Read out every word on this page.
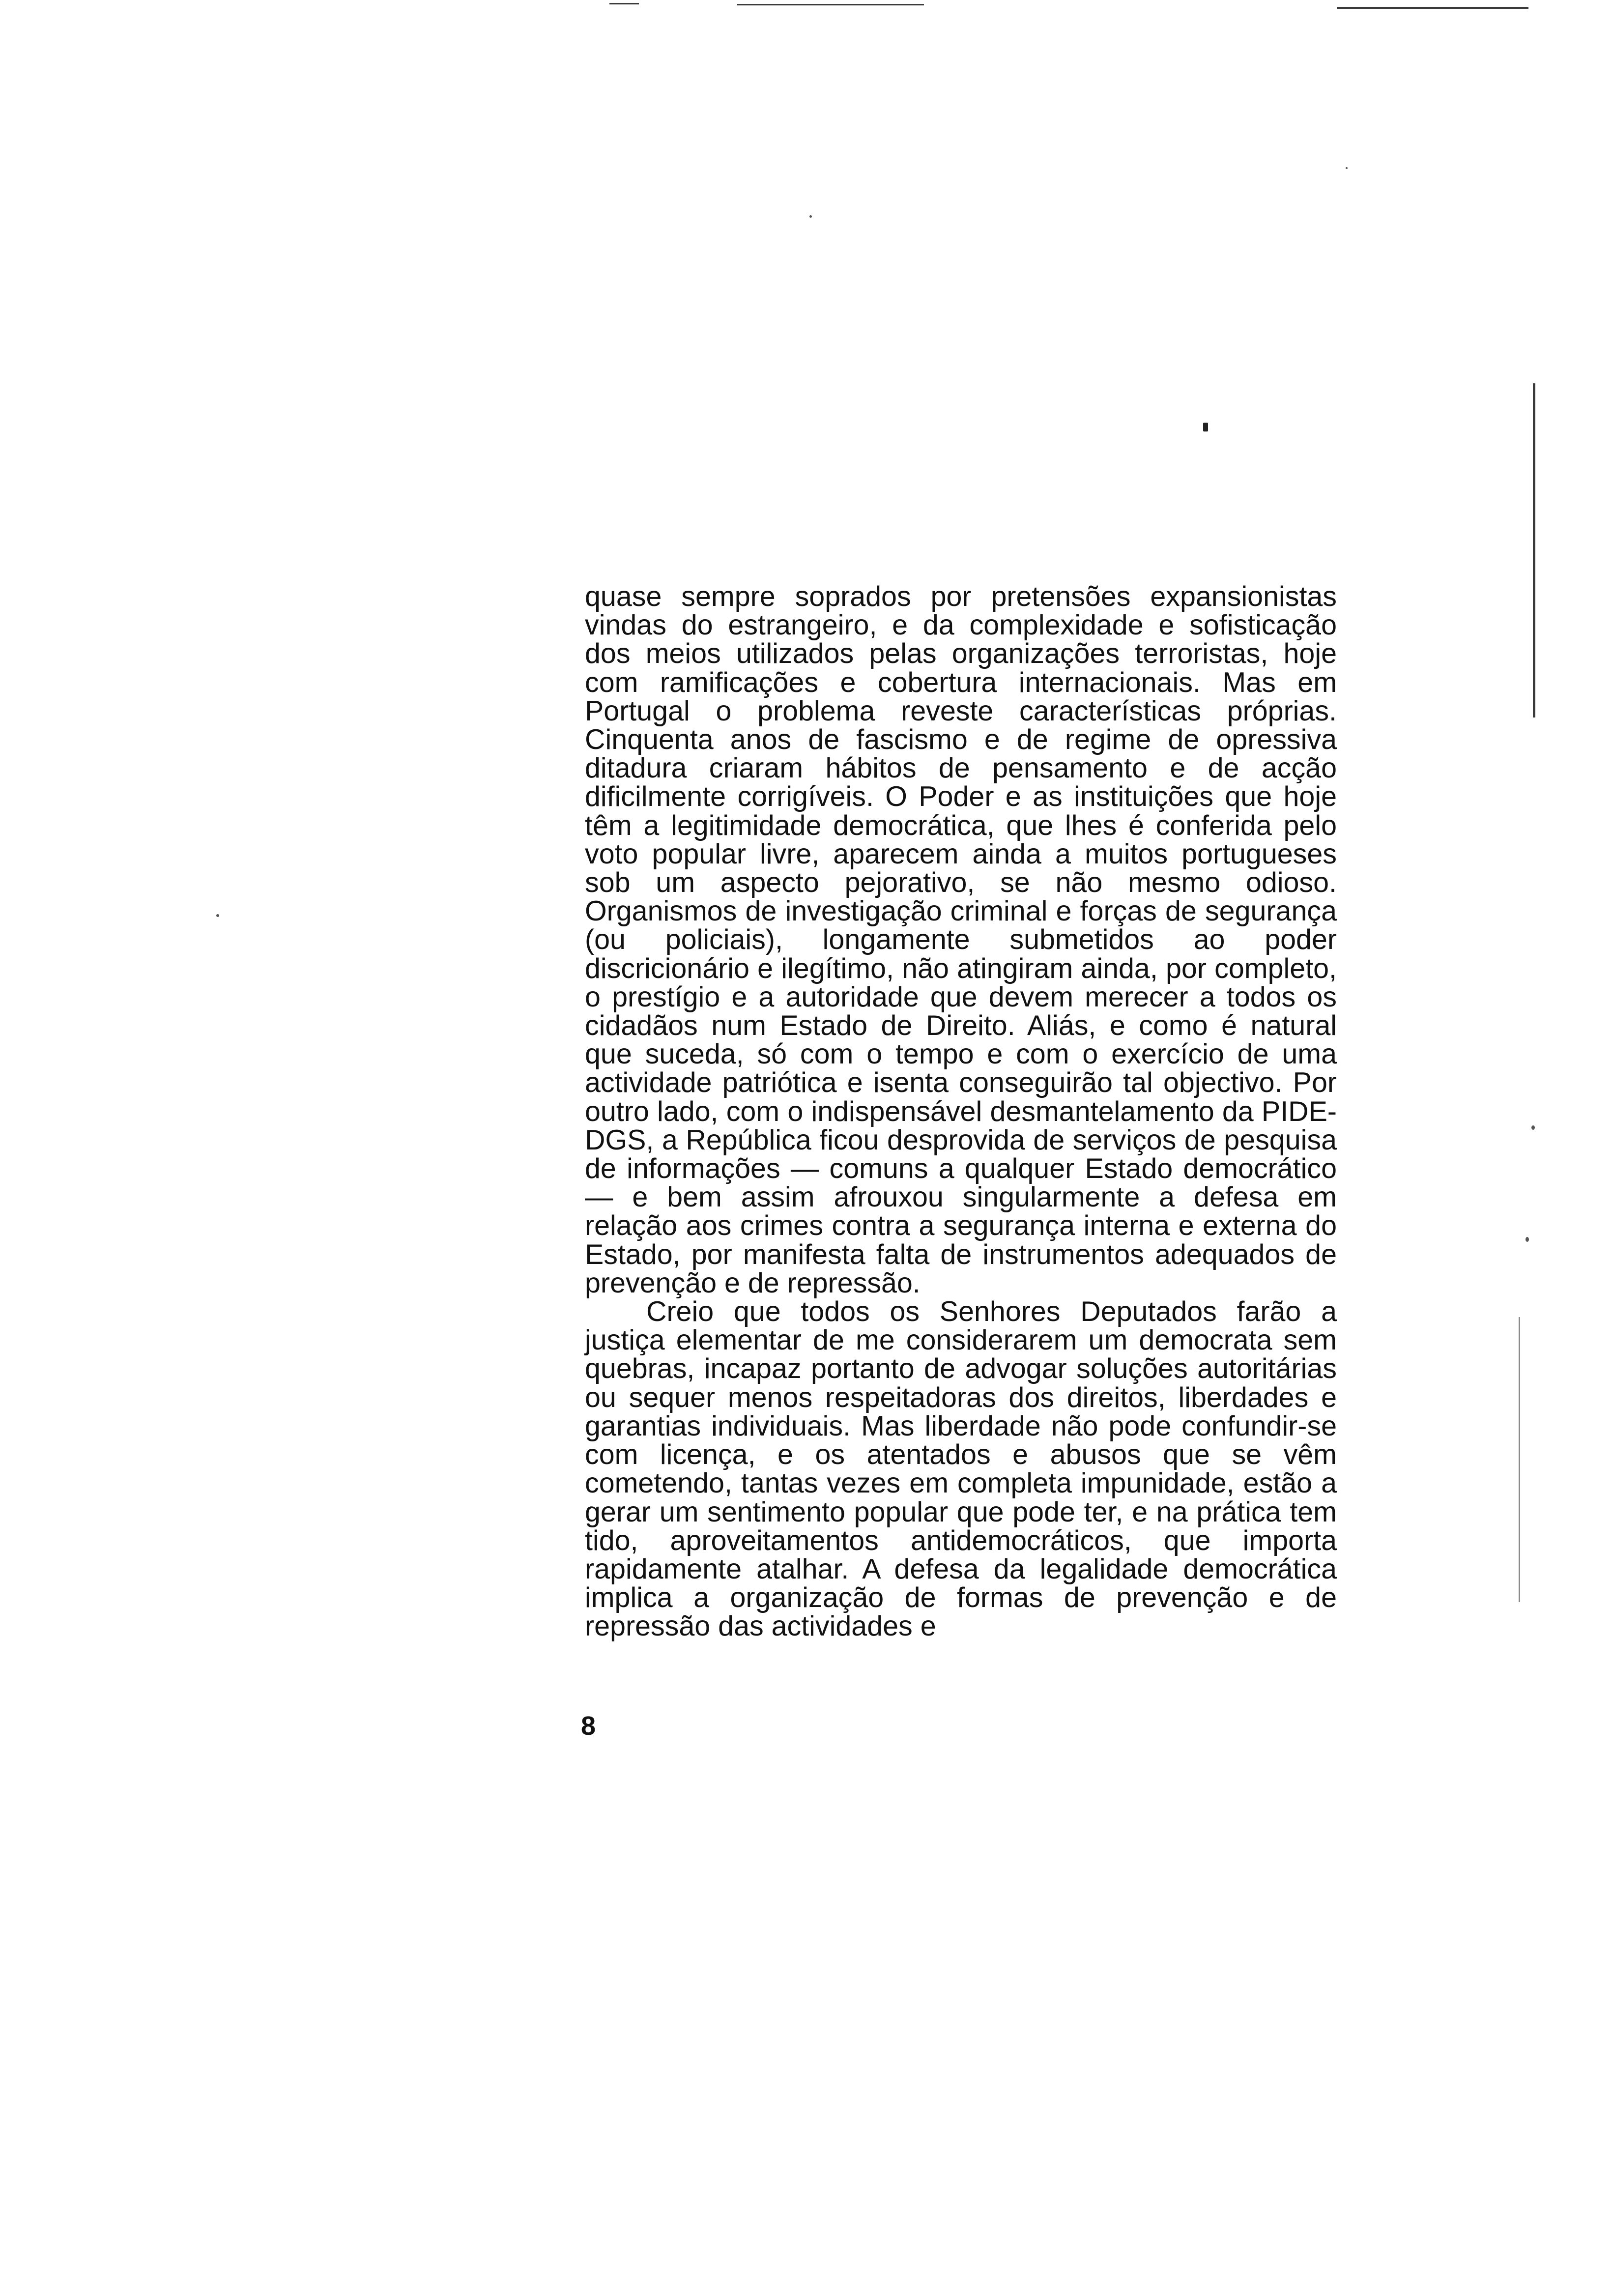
quase sempre soprados por pretensões expansionistas vindas do estrangeiro, e da complexidade e sofisticação dos meios utilizados pelas organizações terroristas, hoje com ramificações e cobertura internacionais. Mas em Portugal o problema reveste características próprias. Cinquenta anos de fascismo e de regime de opressiva ditadura criaram hábitos de pensamento e de acção dificilmente corrigíveis. O Poder e as instituições que hoje têm a legitimidade democrática, que lhes é conferida pelo voto popular livre, aparecem ainda a muitos portugueses sob um aspecto pejorativo, se não mesmo odioso. Organismos de investigação criminal e forças de segurança (ou policiais), longamente submetidos ao poder discricionário e ilegítimo, não atingiram ainda, por completo, o prestígio e a autoridade que devem merecer a todos os cidadãos num Estado de Direito. Aliás, e como é natural que suceda, só com o tempo e com o exercício de uma actividade patriótica e isenta conseguirão tal objectivo. Por outro lado, com o indispensável desmantelamento da PIDE-DGS, a República ficou desprovida de serviços de pesquisa de informações — comuns a qualquer Estado democrático — e bem assim afrouxou singularmente a defesa em relação aos crimes contra a segurança interna e externa do Estado, por manifesta falta de instrumentos adequados de prevenção e de repressão.

Creio que todos os Senhores Deputados farão a justiça elementar de me considerarem um democrata sem quebras, incapaz portanto de advogar soluções autoritárias ou sequer menos respeitadoras dos direitos, liberdades e garantias individuais. Mas liberdade não pode confundir-se com licença, e os atentados e abusos que se vêm cometendo, tantas vezes em completa impunidade, estão a gerar um sentimento popular que pode ter, e na prática tem tido, aproveitamentos antidemocráticos, que importa rapidamente atalhar. A defesa da legalidade democrática implica a organização de formas de prevenção e de repressão das actividades e

8
